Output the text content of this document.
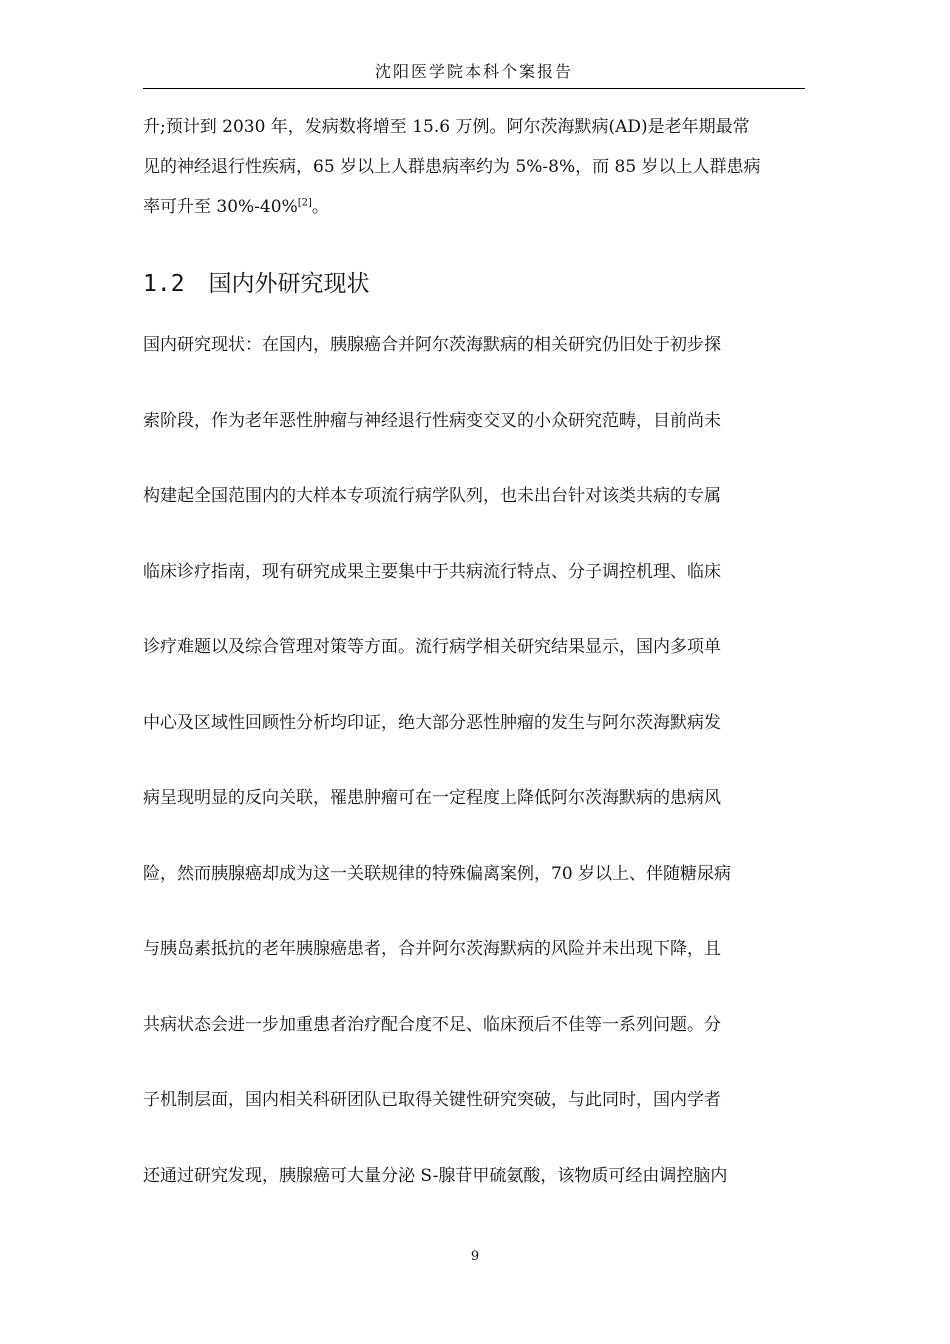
沈阳医学院本科个案报告

升;预计到 2030 年，发病数将增至 15.6 万例。阿尔茨海默病(AD)是老年期最常
见的神经退行性疾病，65 岁以上人群患病率约为 5%-8%，而 85 岁以上人群患病
率可升至 30%-40%[2]。

1.2 国内外研究现状

国内研究现状：在国内，胰腺癌合并阿尔茨海默病的相关研究仍旧处于初步探
索阶段，作为老年恶性肿瘤与神经退行性病变交叉的小众研究范畴，目前尚未
构建起全国范围内的大样本专项流行病学队列，也未出台针对该类共病的专属
临床诊疗指南，现有研究成果主要集中于共病流行特点、分子调控机理、临床
诊疗难题以及综合管理对策等方面。流行病学相关研究结果显示，国内多项单
中心及区域性回顾性分析均印证，绝大部分恶性肿瘤的发生与阿尔茨海默病发
病呈现明显的反向关联，罹患肿瘤可在一定程度上降低阿尔茨海默病的患病风
险，然而胰腺癌却成为这一关联规律的特殊偏离案例，70 岁以上、伴随糖尿病
与胰岛素抵抗的老年胰腺癌患者，合并阿尔茨海默病的风险并未出现下降，且
共病状态会进一步加重患者治疗配合度不足、临床预后不佳等一系列问题。分
子机制层面，国内相关科研团队已取得关键性研究突破，与此同时，国内学者
还通过研究发现，胰腺癌可大量分泌 S-腺苷甲硫氨酸，该物质可经由调控脑内

9
